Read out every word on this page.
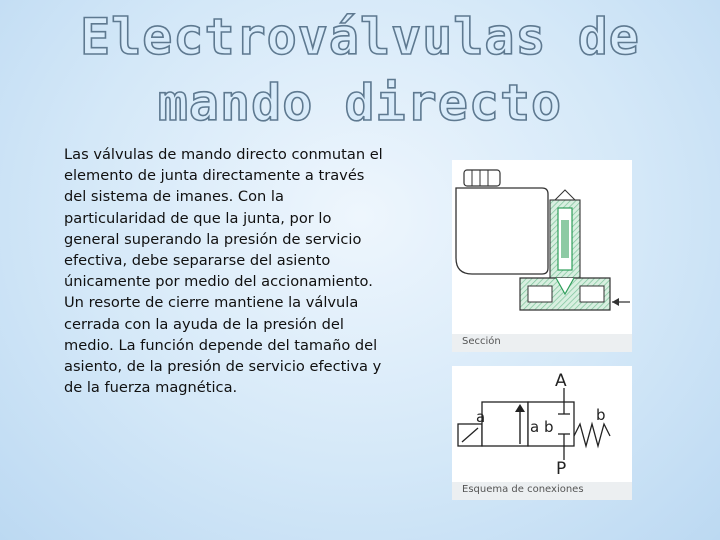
Electroválvulas de mando directo

Las válvulas de mando directo conmutan el elemento de junta directamente a través del sistema de imanes. Con la particularidad de que la junta, por lo general superando la presión de servicio efectiva, debe separarse del asiento únicamente por medio del accionamiento. Un resorte de cierre mantiene la válvula cerrada con la ayuda de la presión del medio. La función depende del tamaño del asiento, de la presión de servicio efectiva y de la fuerza magnética.

Sección
A
P
a	b
a b
Esquema de conexiones
